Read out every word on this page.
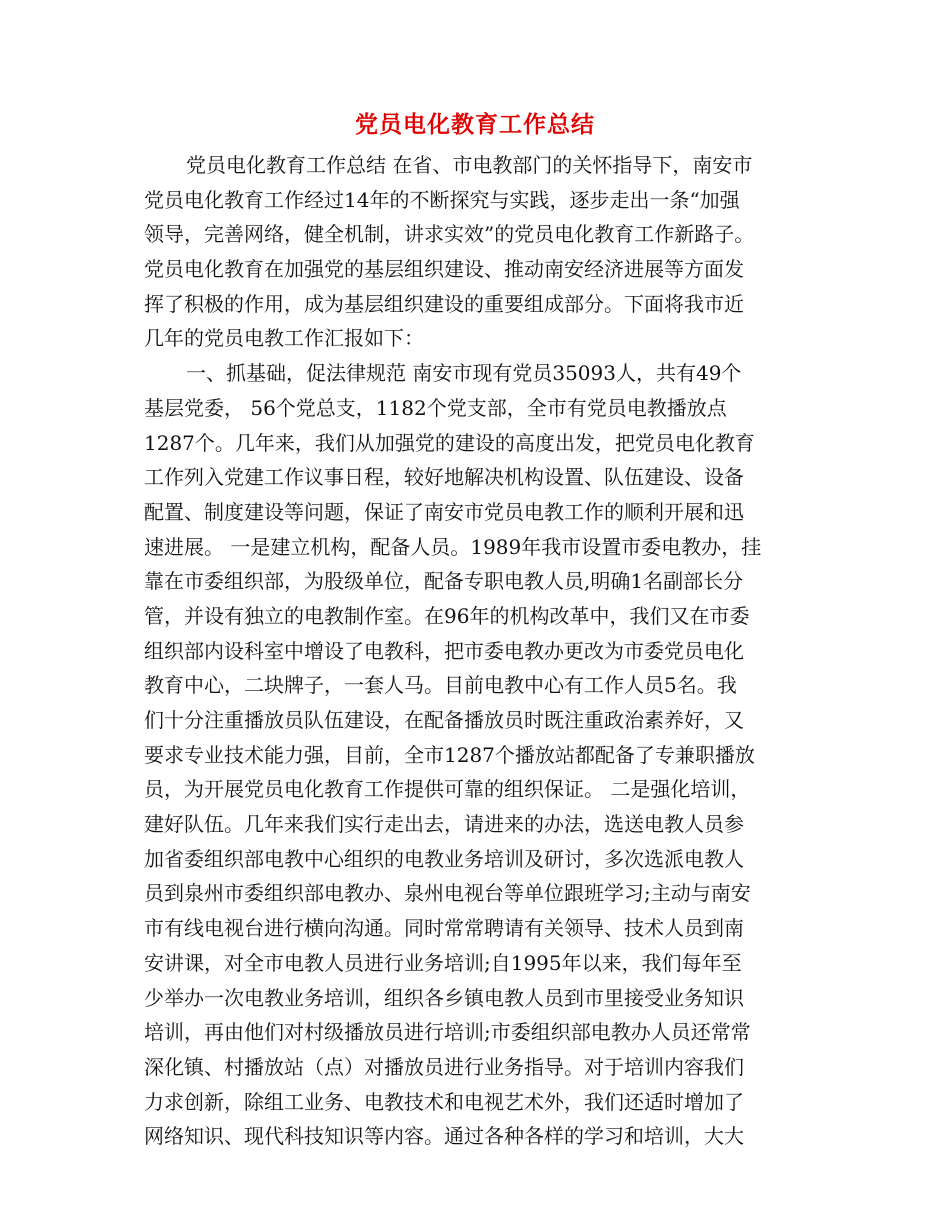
党员电化教育工作总结
党员电化教育工作总结 在省、市电教部门的关怀指导下，南安市
党员电化教育工作经过14年的不断探究与实践，逐步走出一条“加强
领导，完善网络，健全机制，讲求实效”的党员电化教育工作新路子。
党员电化教育在加强党的基层组织建设、推动南安经济进展等方面发
挥了积极的作用，成为基层组织建设的重要组成部分。下面将我市近
几年的党员电教工作汇报如下：
一、抓基础，促法律规范 南安市现有党员35093人，共有49个
基层党委， 56个党总支，1182个党支部，全市有党员电教播放点
1287个。几年来，我们从加强党的建设的高度出发，把党员电化教育
工作列入党建工作议事日程，较好地解决机构设置、队伍建设、设备
配置、制度建设等问题，保证了南安市党员电教工作的顺利开展和迅
速进展。 一是建立机构，配备人员。1989年我市设置市委电教办，挂
靠在市委组织部，为股级单位，配备专职电教人员,明确1名副部长分
管，并设有独立的电教制作室。在96年的机构改革中，我们又在市委
组织部内设科室中增设了电教科，把市委电教办更改为市委党员电化
教育中心，二块牌子，一套人马。目前电教中心有工作人员5名。我
们十分注重播放员队伍建设，在配备播放员时既注重政治素养好，又
要求专业技术能力强，目前，全市1287个播放站都配备了专兼职播放
员，为开展党员电化教育工作提供可靠的组织保证。 二是强化培训，
建好队伍。几年来我们实行走出去，请进来的办法，选送电教人员参
加省委组织部电教中心组织的电教业务培训及研讨，多次选派电教人
员到泉州市委组织部电教办、泉州电视台等单位跟班学习;主动与南安
市有线电视台进行横向沟通。同时常常聘请有关领导、技术人员到南
安讲课，对全市电教人员进行业务培训;自1995年以来，我们每年至
少举办一次电教业务培训，组织各乡镇电教人员到市里接受业务知识
培训，再由他们对村级播放员进行培训;市委组织部电教办人员还常常
深化镇、村播放站（点）对播放员进行业务指导。对于培训内容我们
力求创新，除组工业务、电教技术和电视艺术外，我们还适时增加了
网络知识、现代科技知识等内容。通过各种各样的学习和培训，大大
